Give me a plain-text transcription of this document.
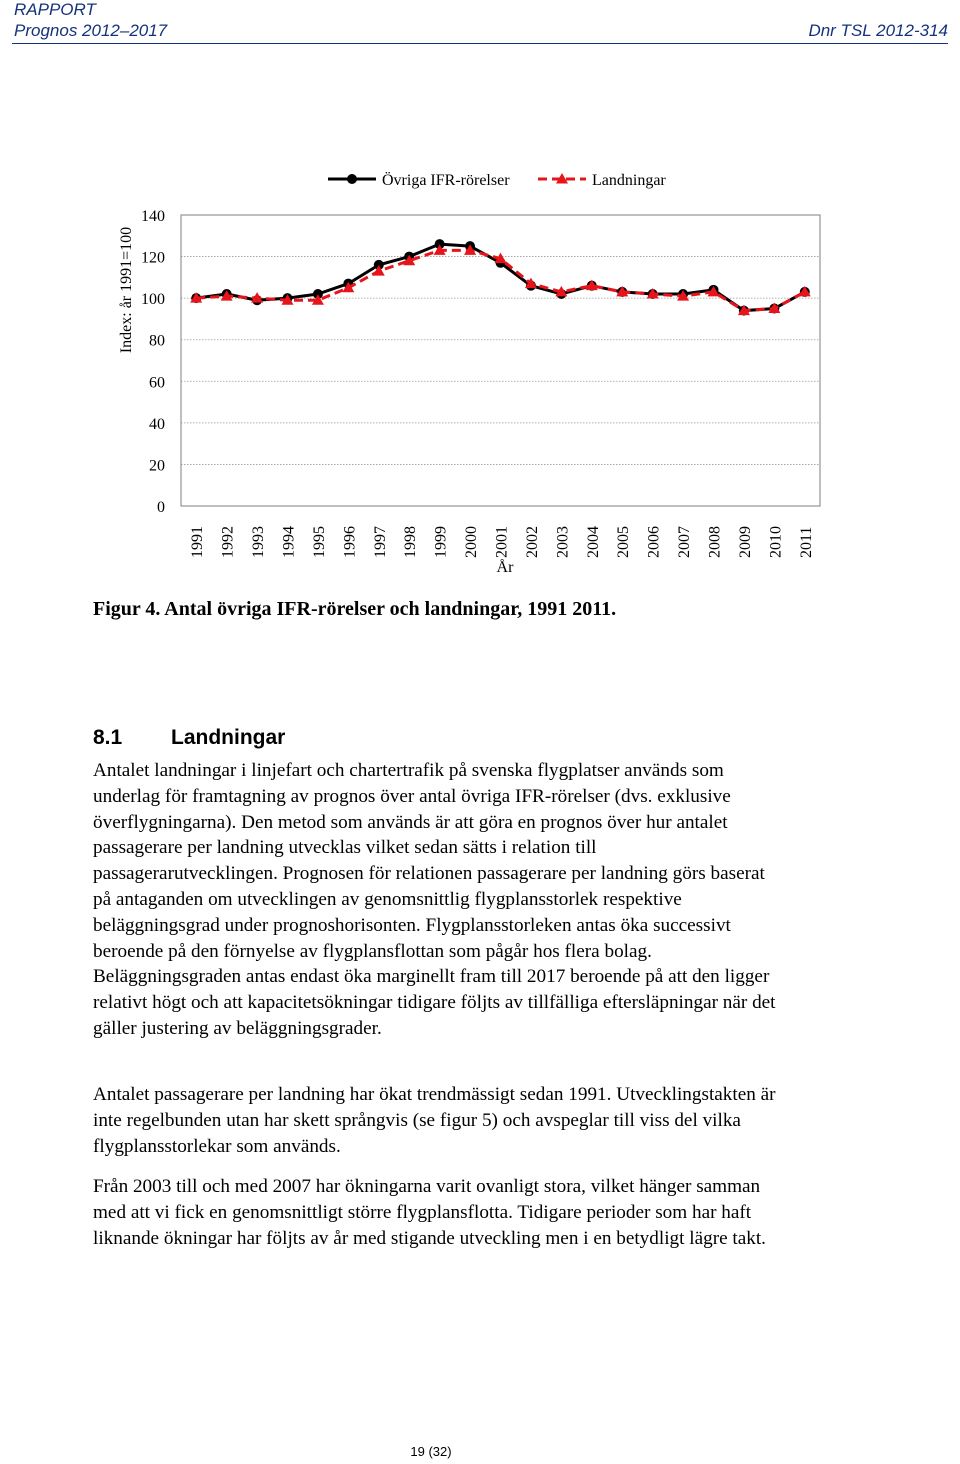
RAPPORT
Prognos 2012–2017	Dnr TSL 2012-314
0
20
40
60
80
100
120
140
1991 1992 1993 1994 1995 1996 1997 1998 1999 2000 2001 2002 2003 2004 2005 2006 2007 2008 2009 2010 2011
Index: år 1991=100
År
Övriga IFR-rörelser	Landningar
Figur 4. Antal övriga IFR-rörelser och landningar, 1991 2011.
8.1 Landningar

Antalet landningar i linjefart och chartertrafik på svenska flygplatser används som underlag för framtagning av prognos över antal övriga IFR-rörelser (dvs. exklusive överflygningarna). Den metod som används är att göra en prognos över hur antalet passagerare per landning utvecklas vilket sedan sätts i relation till passagerarutvecklingen. Prognosen för relationen passagerare per landning görs baserat på antaganden om utvecklingen av genomsnittlig flygplansstorlek respektive beläggningsgrad under prognoshorisonten. Flygplansstorleken antas öka successivt beroende på den förnyelse av flygplansflottan som pågår hos flera bolag. Beläggningsgraden antas endast öka marginellt fram till 2017 beroende på att den ligger relativt högt och att kapacitetsökningar tidigare följts av tillfälliga eftersläpningar när det gäller justering av beläggningsgrader.

Antalet passagerare per landning har ökat trendmässigt sedan 1991. Utvecklingstakten är inte regelbunden utan har skett språngvis (se figur 5) och avspeglar till viss del vilka flygplansstorlekar som används.

Från 2003 till och med 2007 har ökningarna varit ovanligt stora, vilket hänger samman med att vi fick en genomsnittligt större flygplansflotta. Tidigare perioder som har haft liknande ökningar har följts av år med stigande utveckling men i en betydligt lägre takt.

19 (32)
